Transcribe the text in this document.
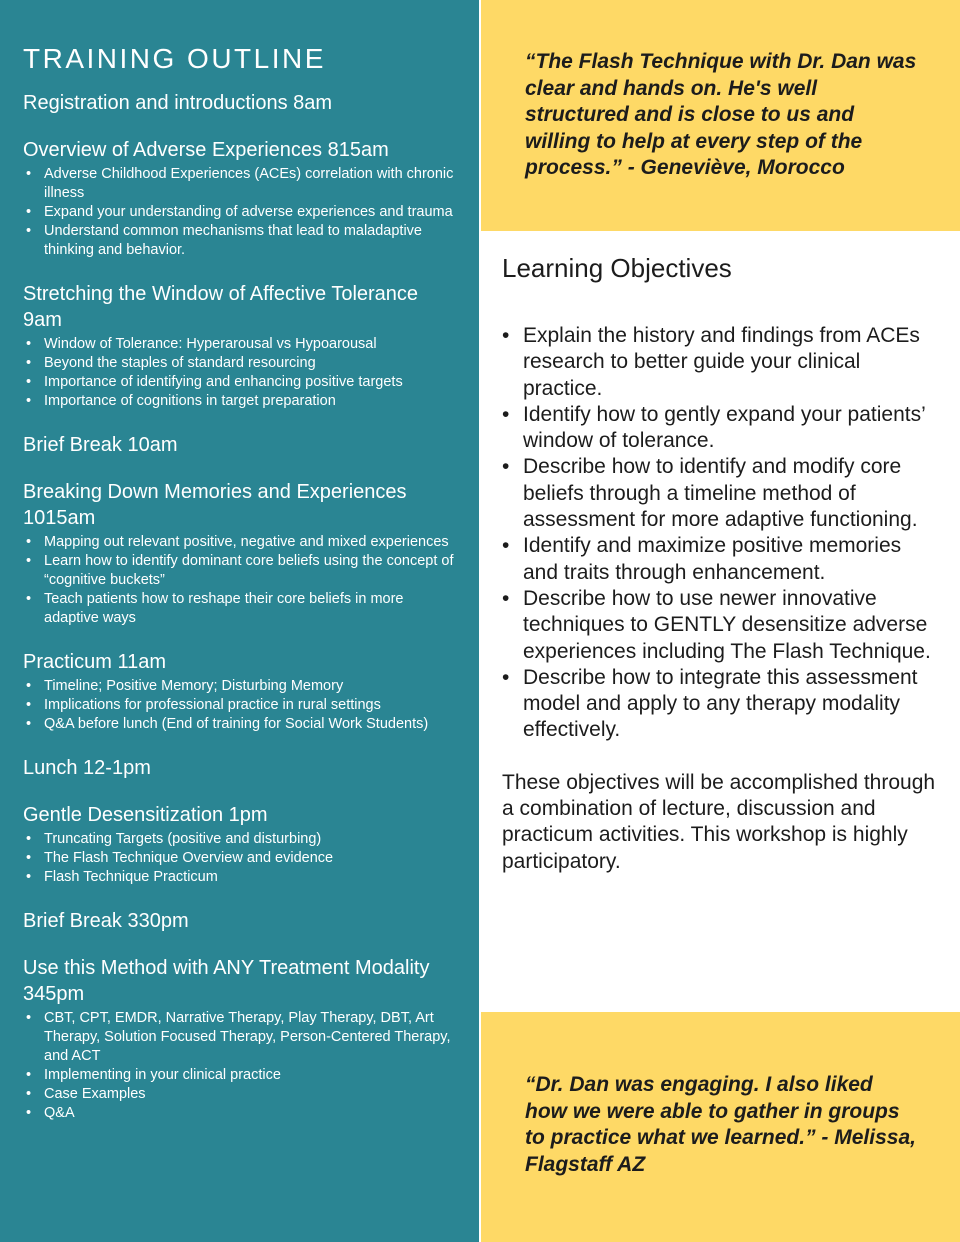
TRAINING OUTLINE
Registration and introductions 8am
Overview of Adverse Experiences 815am
• Adverse Childhood Experiences (ACEs) correlation with chronic illness
• Expand your understanding of adverse experiences and trauma
• Understand common mechanisms that lead to maladaptive thinking and behavior.
Stretching the Window of Affective Tolerance 9am
• Window of Tolerance: Hyperarousal vs Hypoarousal
• Beyond the staples of standard resourcing
• Importance of identifying and enhancing positive targets
• Importance of cognitions in target preparation
Brief Break 10am
Breaking Down Memories and Experiences 1015am
• Mapping out relevant positive, negative and mixed experiences
• Learn how to identify dominant core beliefs using the concept of “cognitive buckets”
• Teach patients how to reshape their core beliefs in more adaptive ways
Practicum 11am
• Timeline; Positive Memory; Disturbing Memory
• Implications for professional practice in rural settings
• Q&A before lunch (End of training for Social Work Students)
Lunch 12-1pm
Gentle Desensitization 1pm
• Truncating Targets (positive and disturbing)
• The Flash Technique Overview and evidence
• Flash Technique Practicum
Brief Break 330pm
Use this Method with ANY Treatment Modality 345pm
• CBT, CPT, EMDR, Narrative Therapy, Play Therapy, DBT, Art Therapy, Solution Focused Therapy, Person-Centered Therapy, and ACT
• Implementing in your clinical practice
• Case Examples
• Q&A

“The Flash Technique with Dr. Dan was clear and hands on. He's well structured and is close to us and willing to help at every step of the process.” - Geneviève, Morocco

Learning Objectives
• Explain the history and findings from ACEs research to better guide your clinical practice.
• Identify how to gently expand your patients’ window of tolerance.
• Describe how to identify and modify core beliefs through a timeline method of assessment for more adaptive functioning.
• Identify and maximize positive memories and traits through enhancement.
• Describe how to use newer innovative techniques to GENTLY desensitize adverse experiences including The Flash Technique.
• Describe how to integrate this assessment model and apply to any therapy modality effectively.

These objectives will be accomplished through a combination of lecture, discussion and practicum activities. This workshop is highly participatory.

“Dr. Dan was engaging. I also liked how we were able to gather in groups to practice what we learned.” - Melissa, Flagstaff AZ
